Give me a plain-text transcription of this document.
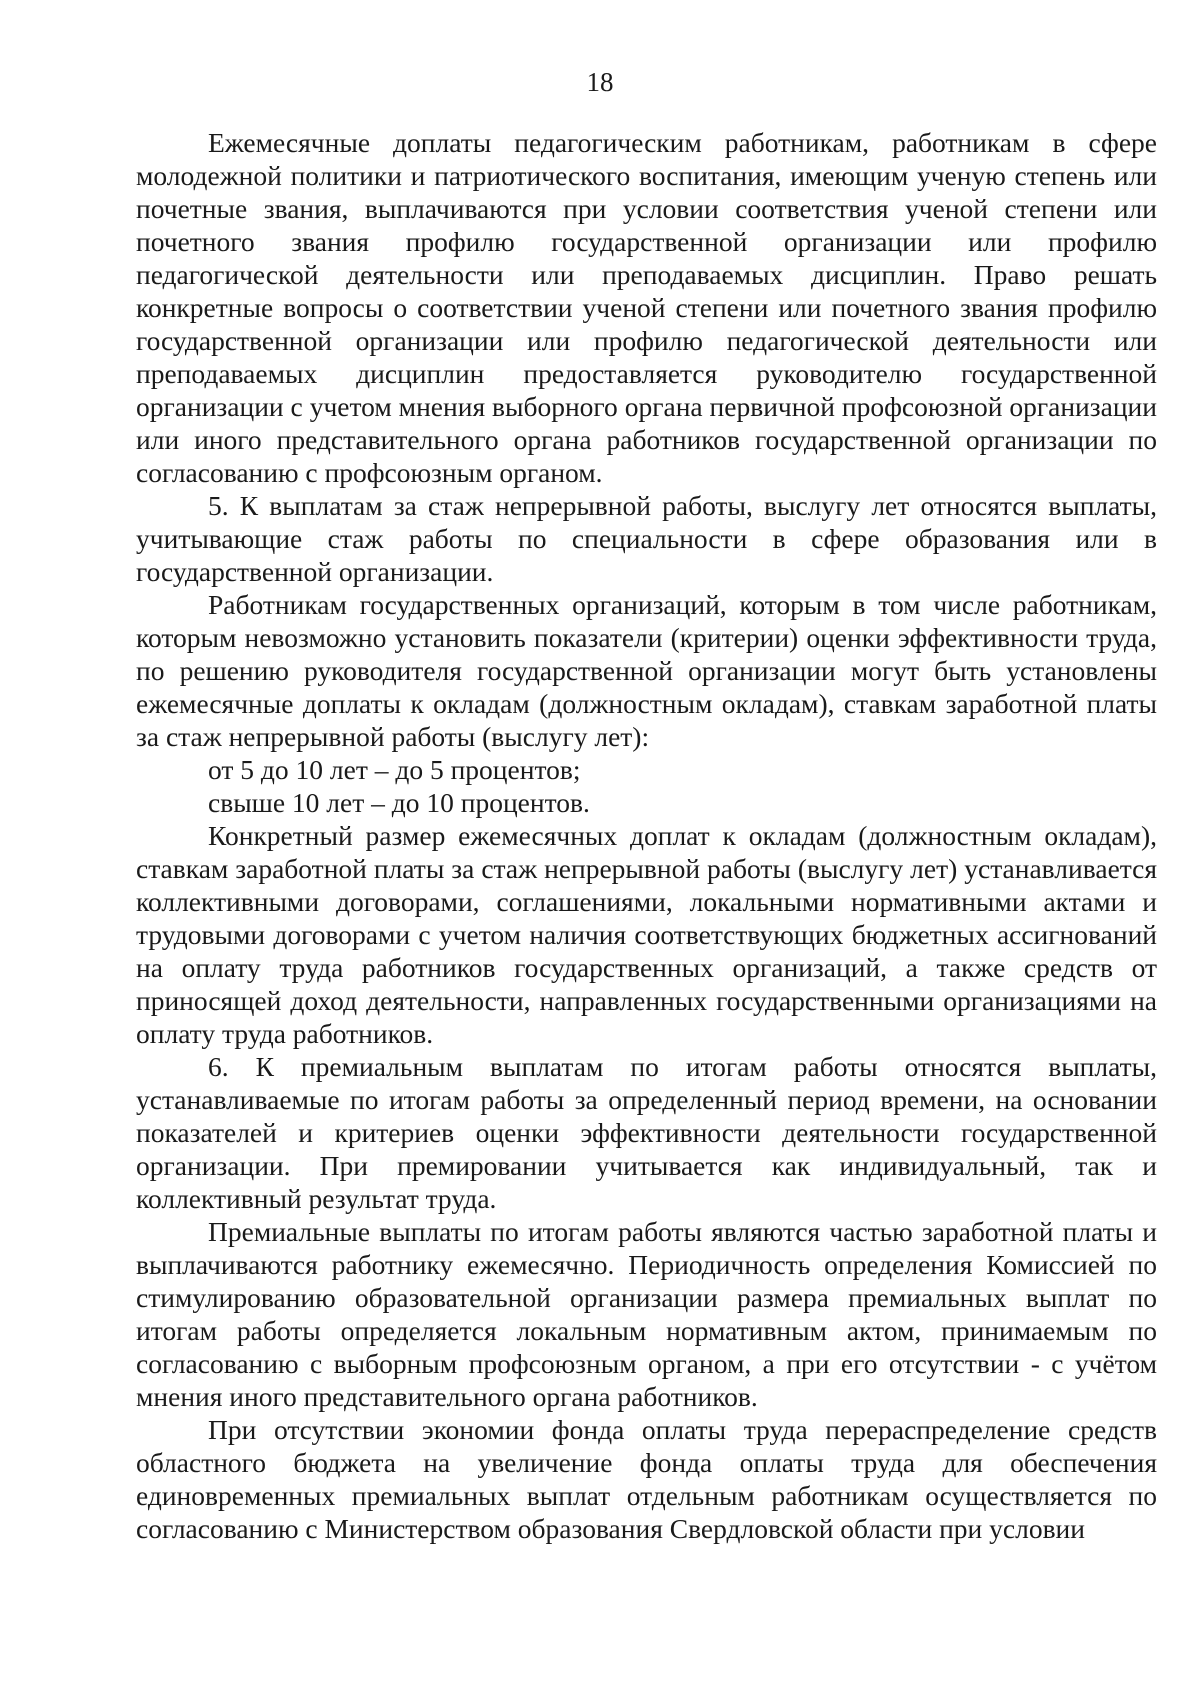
18

Ежемесячные доплаты педагогическим работникам, работникам в сфере молодежной политики и патриотического воспитания, имеющим ученую степень или почетные звания, выплачиваются при условии соответствия ученой степени или почетного звания профилю государственной организации или профилю педагогической деятельности или преподаваемых дисциплин. Право решать конкретные вопросы о соответствии ученой степени или почетного звания профилю государственной организации или профилю педагогической деятельности или преподаваемых дисциплин предоставляется руководителю государственной организации с учетом мнения выборного органа первичной профсоюзной организации или иного представительного органа работников государственной организации по согласованию с профсоюзным органом.

5. К выплатам за стаж непрерывной работы, выслугу лет относятся выплаты, учитывающие стаж работы по специальности в сфере образования или в государственной организации.

Работникам государственных организаций, которым в том числе работникам, которым невозможно установить показатели (критерии) оценки эффективности труда, по решению руководителя государственной организации могут быть установлены ежемесячные доплаты к окладам (должностным окладам), ставкам заработной платы за стаж непрерывной работы (выслугу лет):

от 5 до 10 лет – до 5 процентов;

свыше 10 лет – до 10 процентов.

Конкретный размер ежемесячных доплат к окладам (должностным окладам), ставкам заработной платы за стаж непрерывной работы (выслугу лет) устанавливается коллективными договорами, соглашениями, локальными нормативными актами и трудовыми договорами с учетом наличия соответствующих бюджетных ассигнований на оплату труда работников государственных организаций, а также средств от приносящей доход деятельности, направленных государственными организациями на оплату труда работников.

6. К премиальным выплатам по итогам работы относятся выплаты, устанавливаемые по итогам работы за определенный период времени, на основании показателей и критериев оценки эффективности деятельности государственной организации. При премировании учитывается как индивидуальный, так и коллективный результат труда.

Премиальные выплаты по итогам работы являются частью заработной платы и выплачиваются работнику ежемесячно. Периодичность определения Комиссией по стимулированию образовательной организации размера премиальных выплат по итогам работы определяется локальным нормативным актом, принимаемым по согласованию с выборным профсоюзным органом, а при его отсутствии - с учётом мнения иного представительного органа работников.

При отсутствии экономии фонда оплаты труда перераспределение средств областного бюджета на увеличение фонда оплаты труда для обеспечения единовременных премиальных выплат отдельным работникам осуществляется по согласованию с Министерством образования Свердловской области при условии
